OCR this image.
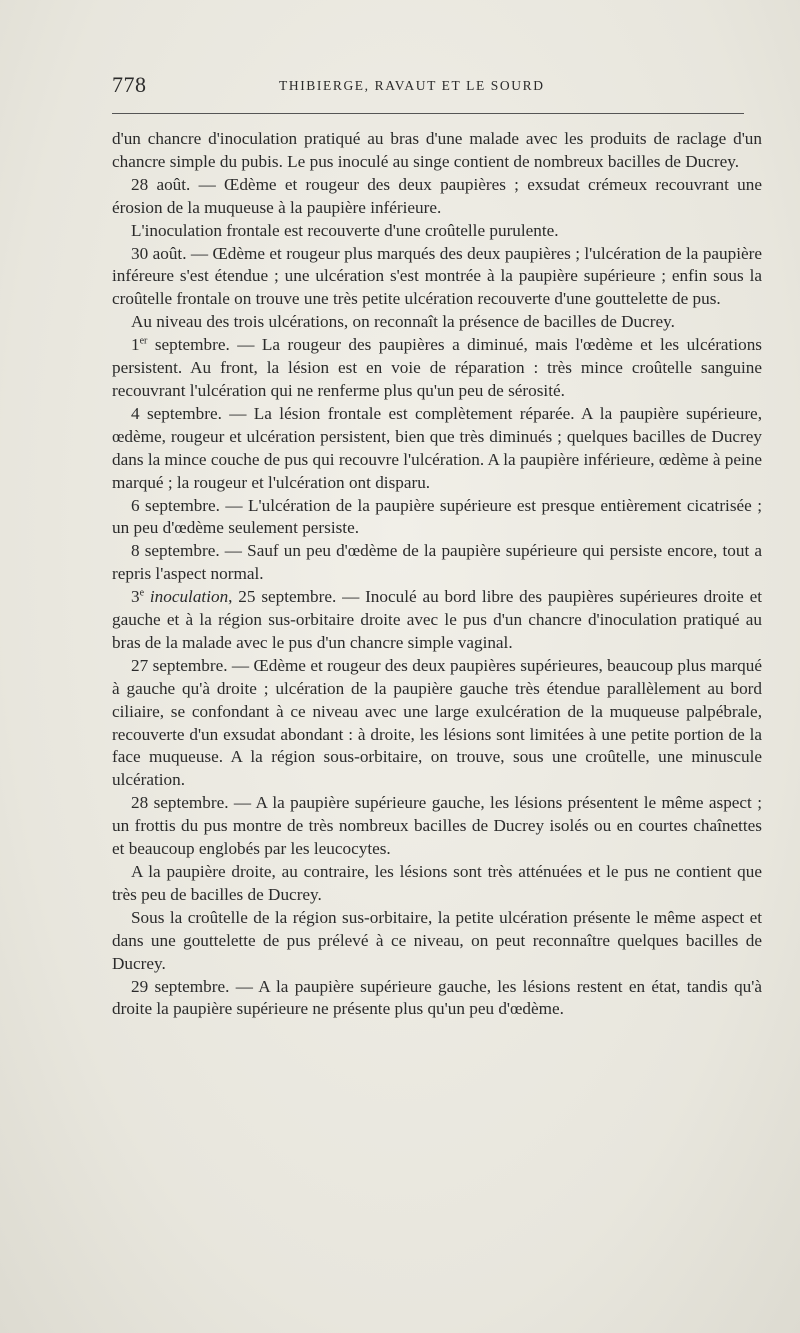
778	THIBIERGE, RAVAUT ET LE SOURD

d'un chancre d'inoculation pratiqué au bras d'une malade avec les produits de raclage d'un chancre simple du pubis. Le pus inoculé au singe contient de nombreux bacilles de Ducrey.

28 août. — Œdème et rougeur des deux paupières ; exsudat crémeux recouvrant une érosion de la muqueuse à la paupière inférieure.

L'inoculation frontale est recouverte d'une croûtelle purulente.

30 août. — Œdème et rougeur plus marqués des deux paupières ; l'ulcération de la paupière inféreure s'est étendue ; une ulcération s'est montrée à la paupière supérieure ; enfin sous la croûtelle frontale on trouve une très petite ulcération recouverte d'une gouttelette de pus.

Au niveau des trois ulcérations, on reconnaît la présence de bacilles de Ducrey.

1er septembre. — La rougeur des paupières a diminué, mais l'œdème et les ulcérations persistent. Au front, la lésion est en voie de réparation : très mince croûtelle sanguine recouvrant l'ulcération qui ne renferme plus qu'un peu de sérosité.

4 septembre. — La lésion frontale est complètement réparée. A la paupière supérieure, œdème, rougeur et ulcération persistent, bien que très diminués ; quelques bacilles de Ducrey dans la mince couche de pus qui recouvre l'ulcération. A la paupière inférieure, œdème à peine marqué ; la rougeur et l'ulcération ont disparu.

6 septembre. — L'ulcération de la paupière supérieure est presque entièrement cicatrisée ; un peu d'œdème seulement persiste.

8 septembre. — Sauf un peu d'œdème de la paupière supérieure qui persiste encore, tout a repris l'aspect normal.

3e inoculation, 25 septembre. — Inoculé au bord libre des paupières supérieures droite et gauche et à la région sus-orbitaire droite avec le pus d'un chancre d'inoculation pratiqué au bras de la malade avec le pus d'un chancre simple vaginal.

27 septembre. — Œdème et rougeur des deux paupières supérieures, beaucoup plus marqué à gauche qu'à droite ; ulcération de la paupière gauche très étendue parallèlement au bord ciliaire, se confondant à ce niveau avec une large exulcération de la muqueuse palpébrale, recouverte d'un exsudat abondant : à droite, les lésions sont limitées à une petite portion de la face muqueuse. A la région sous-orbitaire, on trouve, sous une croûtelle, une minuscule ulcération.

28 septembre. — A la paupière supérieure gauche, les lésions présentent le même aspect ; un frottis du pus montre de très nombreux bacilles de Ducrey isolés ou en courtes chaînettes et beaucoup englobés par les leucocytes.

A la paupière droite, au contraire, les lésions sont très atténuées et le pus ne contient que très peu de bacilles de Ducrey.

Sous la croûtelle de la région sus-orbitaire, la petite ulcération présente le même aspect et dans une gouttelette de pus prélevé à ce niveau, on peut reconnaître quelques bacilles de Ducrey.

29 septembre. — A la paupière supérieure gauche, les lésions restent en état, tandis qu'à droite la paupière supérieure ne présente plus qu'un peu d'œdème.
